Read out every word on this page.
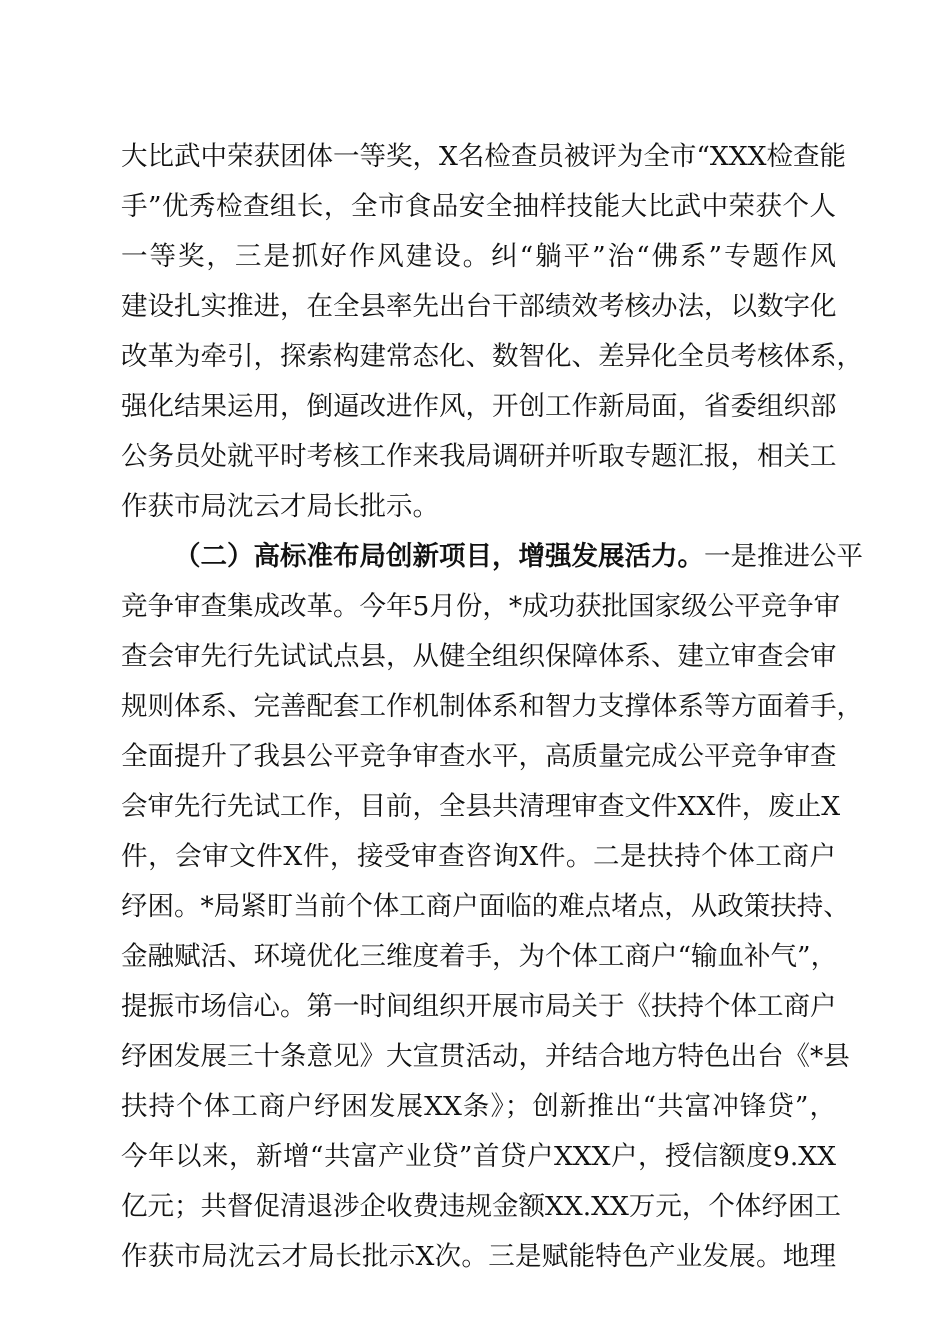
大比武中荣获团体一等奖，X名检查员被评为全市“XXX检查能
手”优秀检查组长，全市食品安全抽样技能大比武中荣获个人
一等奖，三是抓好作风建设。纠“躺平”治“佛系”专题作风
建设扎实推进，在全县率先出台干部绩效考核办法，以数字化
改革为牵引，探索构建常态化、数智化、差异化全员考核体系，
强化结果运用，倒逼改进作风，开创工作新局面，省委组织部
公务员处就平时考核工作来我局调研并听取专题汇报，相关工
作获市局沈云才局长批示。
（二）高标准布局创新项目，增强发展活力。一是推进公平
竞争审查集成改革。今年5月份，*成功获批国家级公平竞争审
查会审先行先试试点县，从健全组织保障体系、建立审查会审
规则体系、完善配套工作机制体系和智力支撑体系等方面着手，
全面提升了我县公平竞争审查水平，高质量完成公平竞争审查
会审先行先试工作，目前，全县共清理审查文件XX件，废止X
件，会审文件X件，接受审查咨询X件。二是扶持个体工商户
纾困。*局紧盯当前个体工商户面临的难点堵点，从政策扶持、
金融赋活、环境优化三维度着手，为个体工商户“输血补气”，
提振市场信心。第一时间组织开展市局关于《扶持个体工商户
纾困发展三十条意见》大宣贯活动，并结合地方特色出台《*县
扶持个体工商户纾困发展XX条》；创新推出“共富冲锋贷”，
今年以来，新增“共富产业贷”首贷户XXX户，授信额度9.XX
亿元；共督促清退涉企收费违规金额XX.XX万元，个体纾困工
作获市局沈云才局长批示X次。三是赋能特色产业发展。地理
